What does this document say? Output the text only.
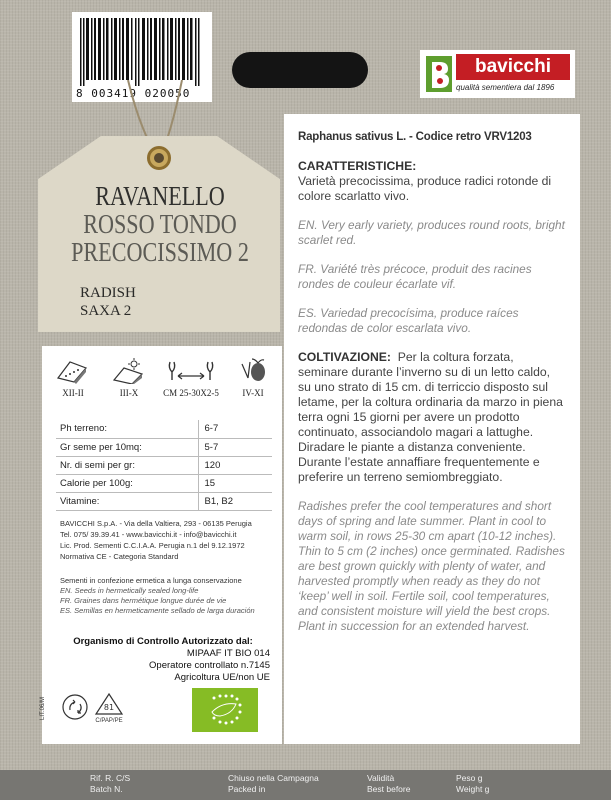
8 003419 020050
bavicchi
qualità sementiera dal 1896
RAVANELLO
ROSSO TONDO
PRECOCISSIMO 2
RADISH
SAXA 2
XII-II	III-X	CM 25-30X2-5	IV-XI
Ph terreno:	6-7
Gr seme per 10mq:	5-7
Nr. di semi per gr:	120
Calorie per 100g:	15
Vitamine:	B1, B2
BAVICCHI S.p.A. - Via della Valtiera, 293 - 06135 Perugia
Tel. 075/ 39.39.41 - www.bavicchi.it - info@bavicchi.it
Lic. Prod. Sementi C.C.I.A.A. Perugia n.1 del 9.12.1972
Normativa CE - Categoria Standard
Sementi in confezione ermetica a lunga conservazione
EN. Seeds in hermetically sealed long-life
FR. Graines dans hermétique longue durée de vie
ES. Semillas en hermeticamente sellado de larga duración
Organismo di Controllo Autorizzato dal:
MIPAAF IT BIO 014
Operatore controllato n.7145
Agricoltura UE/non UE
81
C/PAP/PE
LIT.06/M

Raphanus sativus L. - Codice retro VRV1203

CARATTERISTICHE:

Varietà precocissima, produce radici rotonde di colore scarlatto vivo.

EN. Very early variety, produces round roots, bright scarlet red.

FR. Variété très précoce, produit des racines rondes de couleur écarlate vif.

ES. Variedad precocísima, produce raíces redondas de color escarlata vivo.

COLTIVAZIONE: Per la coltura forzata, seminare durante l’inverno su di un letto caldo, su uno strato di 15 cm. di terriccio disposto sul letame, per la coltura ordinaria da marzo in piena terra ogni 15 giorni per avere un prodotto continuato, associandolo magari a lattughe. Diradare le piante a distanza conveniente. Durante l’estate annaffiare frequentemente e preferire un terreno semiombreggiato.

Radishes prefer the cool temperatures and short days of spring and late summer. Plant in cool to warm soil, in rows 25-30 cm apart (10-12 inches). Thin to 5 cm (2 inches) once germinated. Radishes are best grown quickly with plenty of water, and harvested promptly when ready as they do not ‘keep’ well in soil. Fertile soil, cool temperatures, and consistent moisture will yield the best crops. Plant in succession for an extended harvest.

Rif. R. C/S
Batch N.
Chiuso nella Campagna
Packed in
Validità
Best before
Peso g
Weight g
